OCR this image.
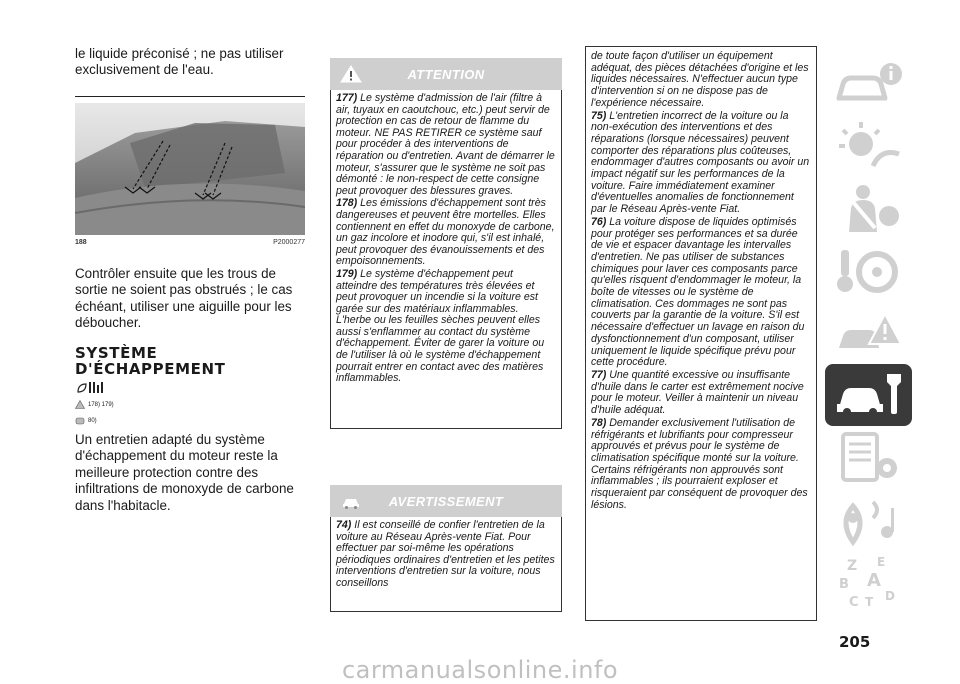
le liquide préconisé ; ne pas utiliser exclusivement de l'eau.

188	P2000277

Contrôler ensuite que les trous de sortie ne soient pas obstrués ; le cas échéant, utiliser une aiguille pour les déboucher.

SYSTÈME
D'ÉCHAPPEMENT
178) 179)
80)

Un entretien adapté du système d'échappement du moteur reste la meilleure protection contre des infiltrations de monoxyde de carbone dans l'habitacle.

ATTENTION

177) Le système d'admission de l'air (filtre à air, tuyaux en caoutchouc, etc.) peut servir de protection en cas de retour de flamme du moteur. NE PAS RETIRER ce système sauf pour procéder à des interventions de réparation ou d'entretien. Avant de démarrer le moteur, s'assurer que le système ne soit pas démonté : le non-respect de cette consigne peut provoquer des blessures graves.

178) Les émissions d'échappement sont très dangereuses et peuvent être mortelles. Elles contiennent en effet du monoxyde de carbone, un gaz incolore et inodore qui, s'il est inhalé, peut provoquer des évanouissements et des empoisonnements.

179) Le système d'échappement peut atteindre des températures très élevées et peut provoquer un incendie si la voiture est garée sur des matériaux inflammables. L'herbe ou les feuilles sèches peuvent elles aussi s'enflammer au contact du système d'échappement. Éviter de garer la voiture ou de l'utiliser là où le système d'échappement pourrait entrer en contact avec des matières inflammables.

AVERTISSEMENT

74) Il est conseillé de confier l'entretien de la voiture au Réseau Après-vente Fiat. Pour effectuer par soi-même les opérations périodiques ordinaires d'entretien et les petites interventions d'entretien sur la voiture, nous conseillons

de toute façon d'utiliser un équipement adéquat, des pièces détachées d'origine et les liquides nécessaires. N'effectuer aucun type d'intervention si on ne dispose pas de l'expérience nécessaire.

75) L'entretien incorrect de la voiture ou la non-exécution des interventions et des réparations (lorsque nécessaires) peuvent comporter des réparations plus coûteuses, endommager d'autres composants ou avoir un impact négatif sur les performances de la voiture. Faire immédiatement examiner d'éventuelles anomalies de fonctionnement par le Réseau Après-vente Fiat.

76) La voiture dispose de liquides optimisés pour protéger ses performances et sa durée de vie et espacer davantage les intervalles d'entretien. Ne pas utiliser de substances chimiques pour laver ces composants parce qu'elles risquent d'endommager le moteur, la boîte de vitesses ou le système de climatisation. Ces dommages ne sont pas couverts par la garantie de la voiture. S'il est nécessaire d'effectuer un lavage en raison du dysfonctionnement d'un composant, utiliser uniquement le liquide spécifique prévu pour cette procédure.

77) Une quantité excessive ou insuffisante d'huile dans le carter est extrêmement nocive pour le moteur. Veiller à maintenir un niveau d'huile adéquat.

78) Demander exclusivement l'utilisation de réfrigérants et lubrifiants pour compresseur approuvés et prévus pour le système de climatisation spécifique monté sur la voiture. Certains réfrigérants non approuvés sont inflammables ; ils pourraient exploser et risqueraient par conséquent de provoquer des lésions.

Z E
B A
C T D
205
carmanualsonline.info
